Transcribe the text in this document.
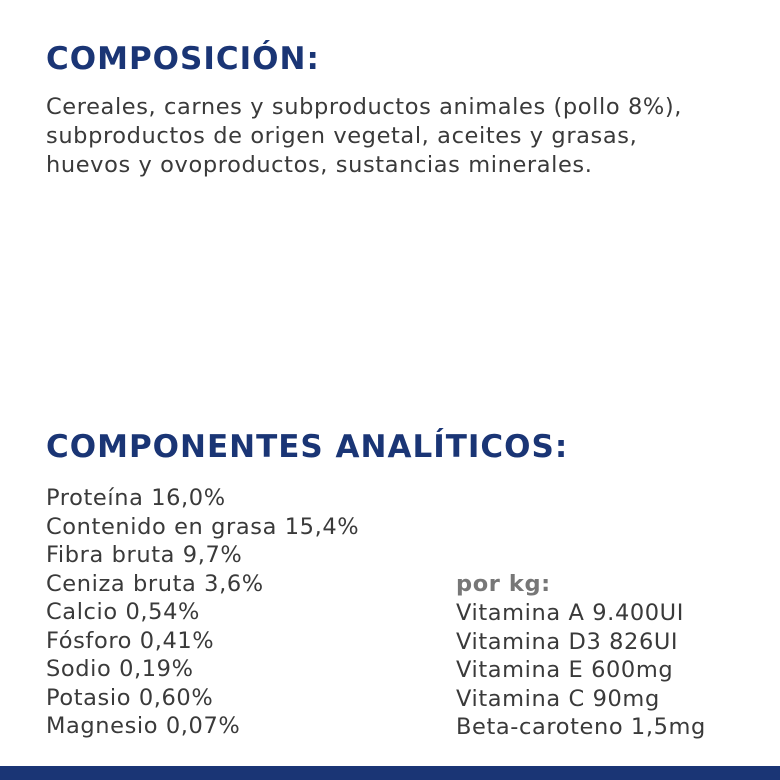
COMPOSICIÓN:

Cereales, carnes y subproductos animales (pollo 8%), subproductos de origen vegetal, aceites y grasas, huevos y ovoproductos, sustancias minerales.

COMPONENTES ANALÍTICOS:
Proteína 16,0%
Contenido en grasa 15,4%
Fibra bruta 9,7%
Ceniza bruta 3,6%
Calcio 0,54%
Fósforo 0,41%
Sodio 0,19%
Potasio 0,60%
Magnesio 0,07%

por kg:

Vitamina A 9.400UI
Vitamina D3 826UI
Vitamina E 600mg
Vitamina C 90mg
Beta-caroteno 1,5mg
